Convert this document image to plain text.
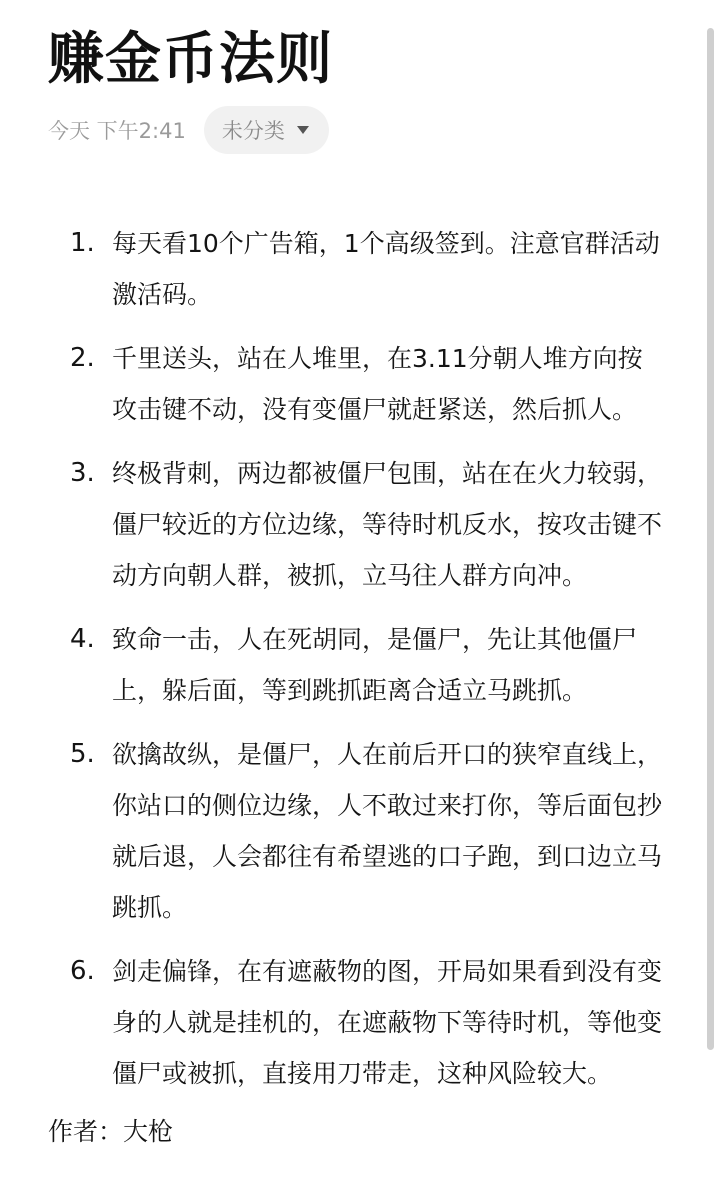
赚金币法则
今天 下午2:41 未分类
1. 每天看10个广告箱，1个高级签到。注意官群活动激活码。
2. 千里送头，站在人堆里，在3.11分朝人堆方向按攻击键不动，没有变僵尸就赶紧送，然后抓人。
3. 终极背刺，两边都被僵尸包围，站在在火力较弱，僵尸较近的方位边缘，等待时机反水，按攻击键不动方向朝人群，被抓，立马往人群方向冲。
4. 致命一击，人在死胡同，是僵尸，先让其他僵尸上，躲后面，等到跳抓距离合适立马跳抓。
5. 欲擒故纵，是僵尸，人在前后开口的狭窄直线上，你站口的侧位边缘，人不敢过来打你，等后面包抄就后退，人会都往有希望逃的口子跑，到口边立马跳抓。
6. 剑走偏锋，在有遮蔽物的图，开局如果看到没有变身的人就是挂机的，在遮蔽物下等待时机，等他变僵尸或被抓，直接用刀带走，这种风险较大。
作者：大枪
